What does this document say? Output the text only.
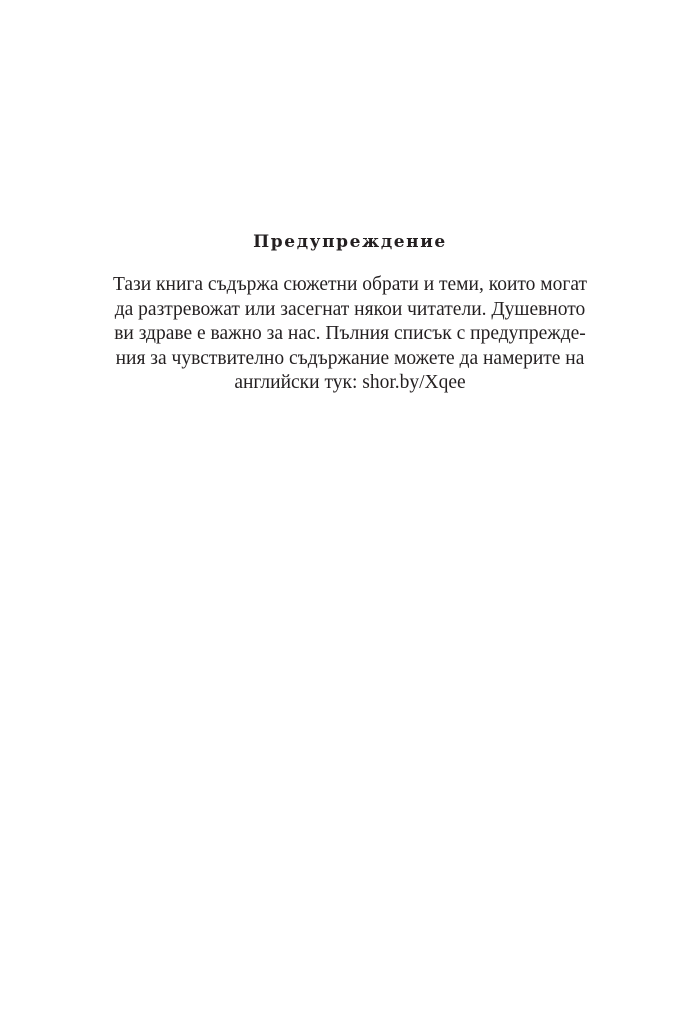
Предупреждение

Тази книга съдържа сюжетни обрати и теми, които могат
да разтревожат или засегнат някои читатели. Душевното
ви здраве е важно за нас. Пълния списък с предупрежде-
ния за чувствително съдържание можете да намерите на
английски тук: shor.by/Xqee
